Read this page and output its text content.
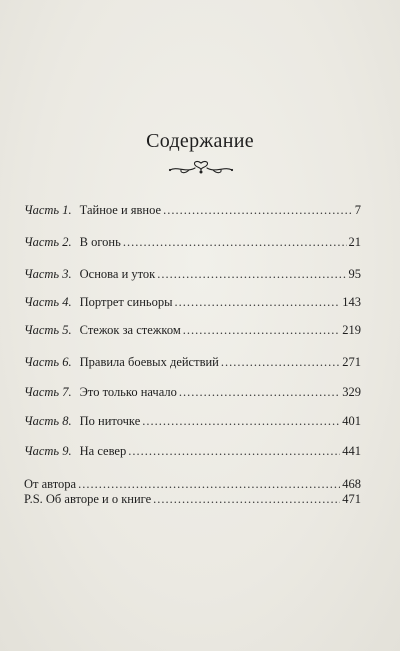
Содержание
Часть 1. Тайное и явное .....	7
Часть 2. В огонь .....	21
Часть 3. Основа и уток .....	95
Часть 4. Портрет синьоры .....	143
Часть 5. Стежок за стежком .....	219
Часть 6. Правила боевых действий .....	271
Часть 7. Это только начало .....	329
Часть 8. По ниточке .....	401
Часть 9. На север .....	441
От автора .....	468
P.S. Об авторе и о книге .....	471
